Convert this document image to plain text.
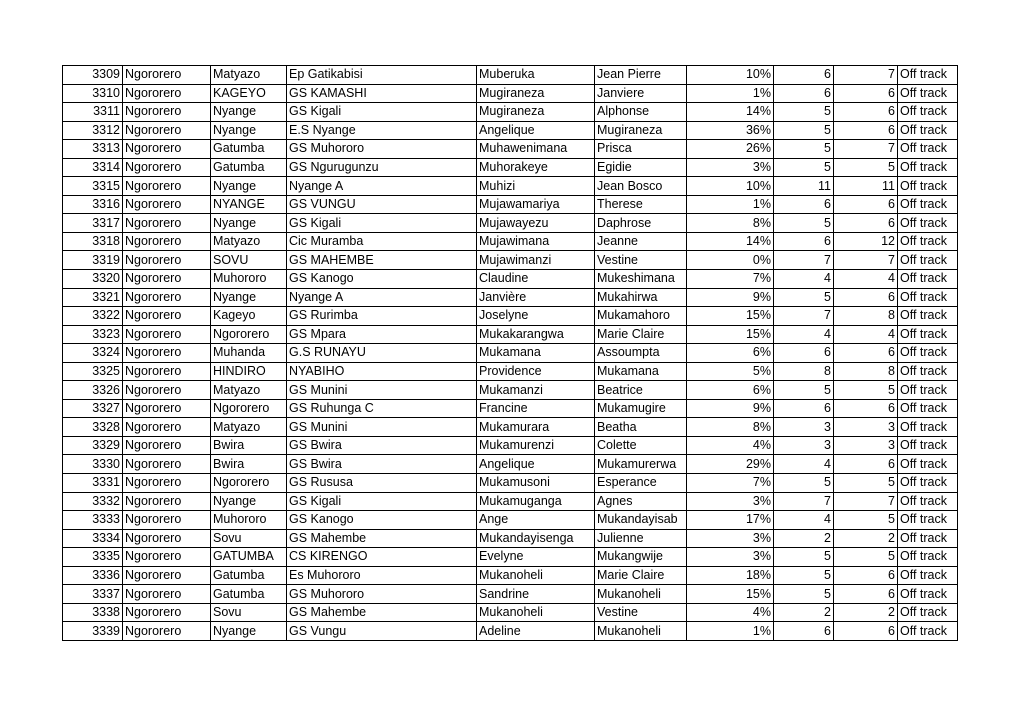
3309	Ngororero	Matyazo	Ep Gatikabisi	Muberuka	Jean Pierre	10%	6	7	Off track
3310	Ngororero	KAGEYO	GS KAMASHI	Mugiraneza	Janviere	1%	6	6	Off track
3311	Ngororero	Nyange	GS Kigali	Mugiraneza	Alphonse	14%	5	6	Off track
3312	Ngororero	Nyange	E.S Nyange	Angelique	Mugiraneza	36%	5	6	Off track
3313	Ngororero	Gatumba	GS Muhororo	Muhawenimana	Prisca	26%	5	7	Off track
3314	Ngororero	Gatumba	GS Ngurugunzu	Muhorakeye	Egidie	3%	5	5	Off track
3315	Ngororero	Nyange	Nyange A	Muhizi	Jean Bosco	10%	11	11	Off track
3316	Ngororero	NYANGE	GS VUNGU	Mujawamariya	Therese	1%	6	6	Off track
3317	Ngororero	Nyange	GS Kigali	Mujawayezu	Daphrose	8%	5	6	Off track
3318	Ngororero	Matyazo	Cic Muramba	Mujawimana	Jeanne	14%	6	12	Off track
3319	Ngororero	SOVU	GS MAHEMBE	Mujawimanzi	Vestine	0%	7	7	Off track
3320	Ngororero	Muhororo	GS Kanogo	Claudine	Mukeshimana	7%	4	4	Off track
3321	Ngororero	Nyange	Nyange A	Janvière	Mukahirwa	9%	5	6	Off track
3322	Ngororero	Kageyo	GS Rurimba	Joselyne	Mukamahoro	15%	7	8	Off track
3323	Ngororero	Ngororero	GS Mpara	Mukakarangwa	Marie Claire	15%	4	4	Off track
3324	Ngororero	Muhanda	G.S RUNAYU	Mukamana	Assoumpta	6%	6	6	Off track
3325	Ngororero	HINDIRO	NYABIHO	Providence	Mukamana	5%	8	8	Off track
3326	Ngororero	Matyazo	GS Munini	Mukamanzi	Beatrice	6%	5	5	Off track
3327	Ngororero	Ngororero	GS Ruhunga C	Francine	Mukamugire	9%	6	6	Off track
3328	Ngororero	Matyazo	GS Munini	Mukamurara	Beatha	8%	3	3	Off track
3329	Ngororero	Bwira	GS Bwira	Mukamurenzi	Colette	4%	3	3	Off track
3330	Ngororero	Bwira	GS Bwira	Angelique	Mukamurerwa	29%	4	6	Off track
3331	Ngororero	Ngororero	GS Rususa	Mukamusoni	Esperance	7%	5	5	Off track
3332	Ngororero	Nyange	GS Kigali	Mukamuganga	Agnes	3%	7	7	Off track
3333	Ngororero	Muhororo	GS Kanogo	Ange	Mukandayisab	17%	4	5	Off track
3334	Ngororero	Sovu	GS Mahembe	Mukandayisenga	Julienne	3%	2	2	Off track
3335	Ngororero	GATUMBA	CS KIRENGO	Evelyne	Mukangwije	3%	5	5	Off track
3336	Ngororero	Gatumba	Es Muhororo	Mukanoheli	Marie Claire	18%	5	6	Off track
3337	Ngororero	Gatumba	GS Muhororo	Sandrine	Mukanoheli	15%	5	6	Off track
3338	Ngororero	Sovu	GS Mahembe	Mukanoheli	Vestine	4%	2	2	Off track
3339	Ngororero	Nyange	GS Vungu	Adeline	Mukanoheli	1%	6	6	Off track
